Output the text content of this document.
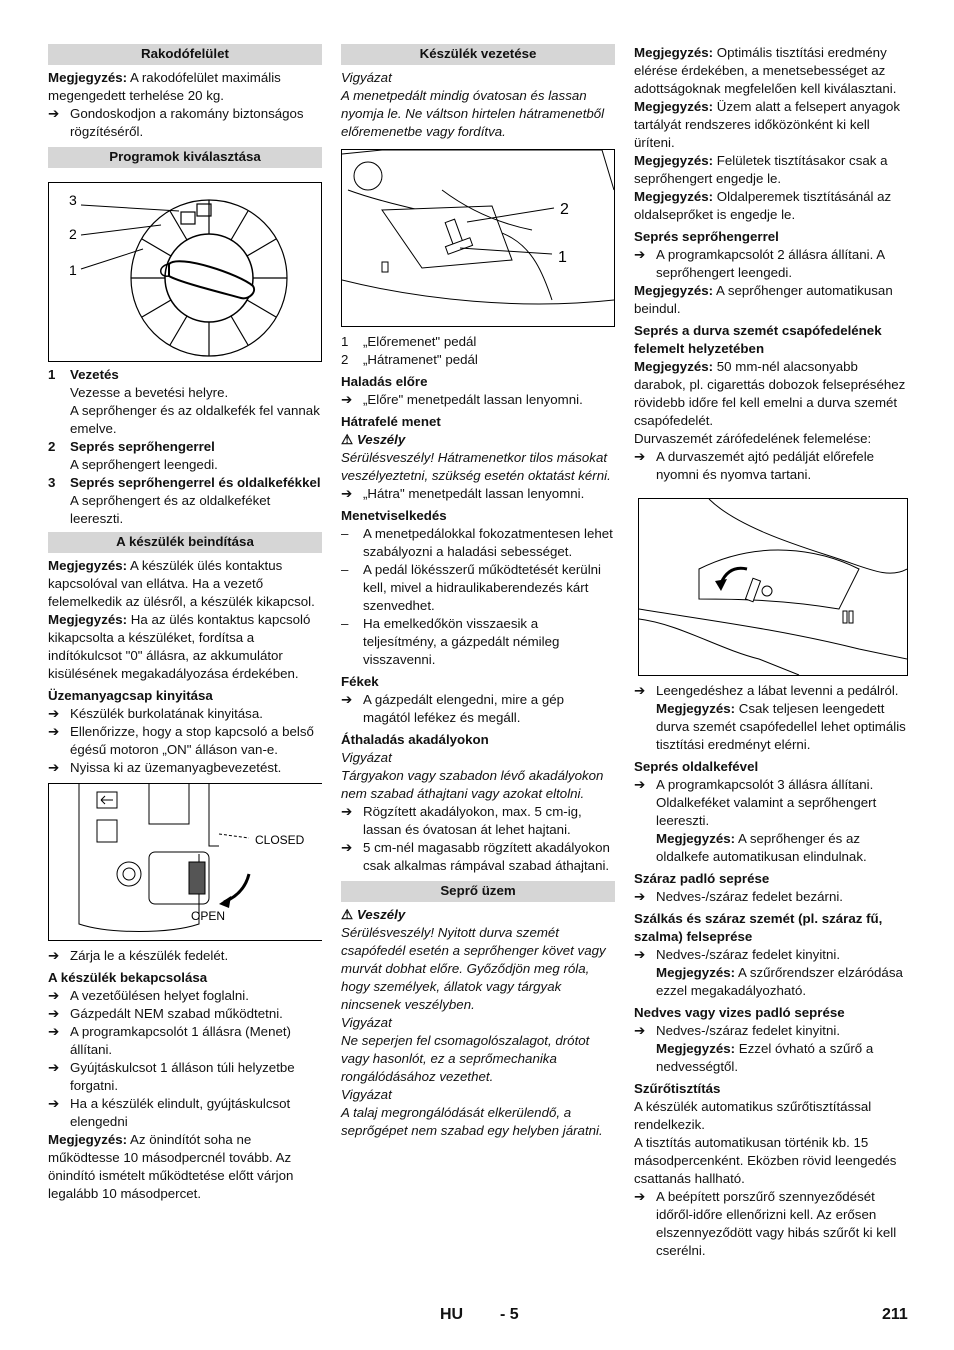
Rakodófelület

Megjegyzés: A rakodófelület maximális megengedett terhelése 20 kg.

➔ Gondoskodjon a rakomány biztonságos rögzítéséről.
Programok kiválasztása
3
2
1
1	Vezetés

Vezesse a bevetési helyre.

A seprőhenger és az oldalkefék fel vannak emelve.

2	Seprés seprőhengerrel

A seprőhengert leengedi.

3	Seprés seprőhengerrel és oldalkefékkel

A seprőhengert és az oldalkeféket leereszti.

A készülék beindítása

Megjegyzés: A készülék ülés kontaktus kapcsolóval van ellátva. Ha a vezető felemelkedik az ülésről, a készülék kikapcsol.

Megjegyzés: Ha az ülés kontaktus kapcsoló kikapcsolta a készüléket, fordítsa a indítókulcsot "0" állásra, az akkumulátor kisülésének megakadályozása érdekében.

Üzemanyagcsap kinyitása

➔ Készülék burkolatának kinyitása.
➔ Ellenőrizze, hogy a stop kapcsoló a belső égésű motoron „ON" álláson van-e.
➔ Nyissa ki az üzemanyagbevezetést.
CLOSED
OPEN
➔ Zárja le a készülék fedelét.

A készülék bekapcsolása

➔ A vezetőülésen helyet foglalni.
➔ Gázpedált NEM szabad működtetni.
➔ A programkapcsolót 1 állásra (Menet) állítani.
➔ Gyújtáskulcsot 1 álláson túli helyzetbe forgatni.
➔ Ha a készülék elindult, gyújtáskulcsot elengedni

Megjegyzés: Az önindítót soha ne működtesse 10 másodpercnél tovább. Az önindító ismételt működtetése előtt várjon legalább 10 másodpercet.

Készülék vezetése

Vigyázat

A menetpedált mindig óvatosan és lassan nyomja le. Ne váltson hirtelen hátramenetből előremenetbe vagy fordítva.

2
1
1	„Előremenet" pedál
2	„Hátramenet" pedál

Haladás előre

➔ „Előre" menetpedált lassan lenyomni.

Hátrafelé menet

⚠ Veszély

Sérülésveszély! Hátramenetkor tilos másokat veszélyeztetni, szükség esetén oktatást kérni.

➔ „Hátra" menetpedált lassan lenyomni.

Menetviselkedés

–	A menetpedálokkal fokozatmentesen lehet szabályozni a haladási sebességet.
–	A pedál lökésszerű működtetését kerülni kell, mivel a hidraulikaberendezés kárt szenvedhet.
–	Ha emelkedőkön visszaesik a teljesítmény, a gázpedált némileg visszavenni.

Fékek

➔ A gázpedált elengedni, mire a gép magától lefékez és megáll.

Áthaladás akadályokon

Vigyázat

Tárgyakon vagy szabadon lévő akadályokon nem szabad áthajtani vagy azokat eltolni.

➔ Rögzített akadályokon, max. 5 cm-ig, lassan és óvatosan át lehet hajtani.
➔ 5 cm-nél magasabb rögzített akadályokon csak alkalmas rámpával szabad áthajtani.
Seprő üzem
⚠ Veszély

Sérülésveszély! Nyitott durva szemét csapófedél esetén a seprőhenger követ vagy murvát dobhat előre. Győződjön meg róla, hogy személyek, állatok vagy tárgyak nincsenek veszélyben.

Vigyázat

Ne seperjen fel csomagolószalagot, drótot vagy hasonlót, ez a seprőmechanika rongálódásához vezethet.

Vigyázat

A talaj megrongálódását elkerülendő, a seprőgépet nem szabad egy helyben járatni.

Megjegyzés: Optimális tisztítási eredmény elérése érdekében, a menetsebességet az adottságoknak megfelelően kell kiválasztani.

Megjegyzés: Üzem alatt a felsepert anyagok tartályát rendszeres időközönként ki kell üríteni.

Megjegyzés: Felületek tisztításakor csak a seprőhengert engedje le.

Megjegyzés: Oldalperemek tisztításánál az oldalseprőket is engedje le.

Seprés seprőhengerrel

➔ A programkapcsolót 2 állásra állítani. A seprőhengert leengedi.

Megjegyzés: A seprőhenger automatikusan beindul.

Seprés a durva szemét csapófedelének felemelt helyzetében

Megjegyzés: 50 mm-nél alacsonyabb darabok, pl. cigarettás dobozok felsepréséhez rövidebb időre fel kell emelni a durva szemét csapófedelét.

Durvaszemét zárófedelének felemelése:

➔ A durvaszemét ajtó pedálját előrefele nyomni és nyomva tartani.
➔ Leengedéshez a lábat levenni a pedálról.

Megjegyzés: Csak teljesen leengedett durva szemét csapófedellel lehet optimális tisztítási eredményt elérni.

Seprés oldalkefével

➔ A programkapcsolót 3 állásra állítani. Oldalkeféket valamint a seprőhengert leereszti.

Megjegyzés: A seprőhenger és az oldalkefe automatikusan elindulnak.

Száraz padló seprése

➔ Nedves-/száraz fedelet bezárni.

Szálkás és száraz szemét (pl. száraz fű, szalma) felseprése

➔ Nedves-/száraz fedelet kinyitni.

Megjegyzés: A szűrőrendszer elzáródása ezzel megakadályozható.

Nedves vagy vizes padló seprése

➔ Nedves-/száraz fedelet kinyitni.

Megjegyzés: Ezzel óvható a szűrő a nedvességtől.

Szűrőtisztítás

A készülék automatikus szűrőtisztítással rendelkezik.

A tisztítás automatikusan történik kb. 15 másodpercenként. Eközben rövid leengedés csattanás hallható.

➔ A beépített porszűrő szennyeződését időről-időre ellenőrizni kell. Az erősen elszennyeződött vagy hibás szűrőt ki kell cserélni.
HU - 5	211
